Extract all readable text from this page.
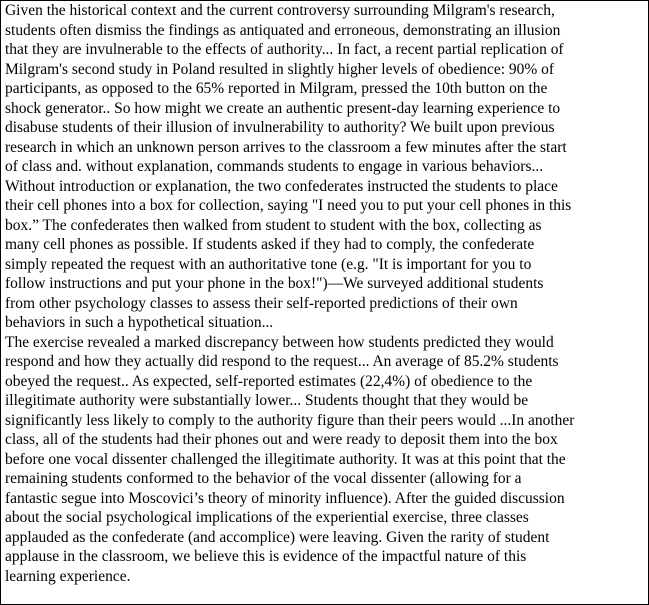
Given the historical context and the current controversy surrounding Milgram's research,
students often dismiss the findings as antiquated and erroneous, demonstrating an illusion
that they are invulnerable to the effects of authority... In fact, a recent partial replication of
Milgram's second study in Poland resulted in slightly higher levels of obedience: 90% of
participants, as opposed to the 65% reported in Milgram, pressed the 10th button on the
shock generator.. So how might we create an authentic present-day learning experience to
disabuse students of their illusion of invulnerability to authority? We built upon previous
research in which an unknown person arrives to the classroom a few minutes after the start
of class and. without explanation, commands students to engage in various behaviors...
Without introduction or explanation, the two confederates instructed the students to place
their cell phones into a box for collection, saying "I need you to put your cell phones in this
box.” The confederates then walked from student to student with the box, collecting as
many cell phones as possible. If students asked if they had to comply, the confederate
simply repeated the request with an authoritative tone (e.g. "It is important for you to
follow instructions and put your phone in the box!")—We surveyed additional students
from other psychology classes to assess their self-reported predictions of their own
behaviors in such a hypothetical situation...
The exercise revealed a marked discrepancy between how students predicted they would
respond and how they actually did respond to the request... An average of 85.2% students
obeyed the request.. As expected, self-reported estimates (22,4%) of obedience to the
illegitimate authority were substantially lower... Students thought that they would be
significantly less likely to comply to the authority figure than their peers would ...In another
class, all of the students had their phones out and were ready to deposit them into the box
before one vocal dissenter challenged the illegitimate authority. It was at this point that the
remaining students conformed to the behavior of the vocal dissenter (allowing for a
fantastic segue into Moscovici’s theory of minority influence). After the guided discussion
about the social psychological implications of the experiential exercise, three classes
applauded as the confederate (and accomplice) were leaving. Given the rarity of student
applause in the classroom, we believe this is evidence of the impactful nature of this
learning experience.
